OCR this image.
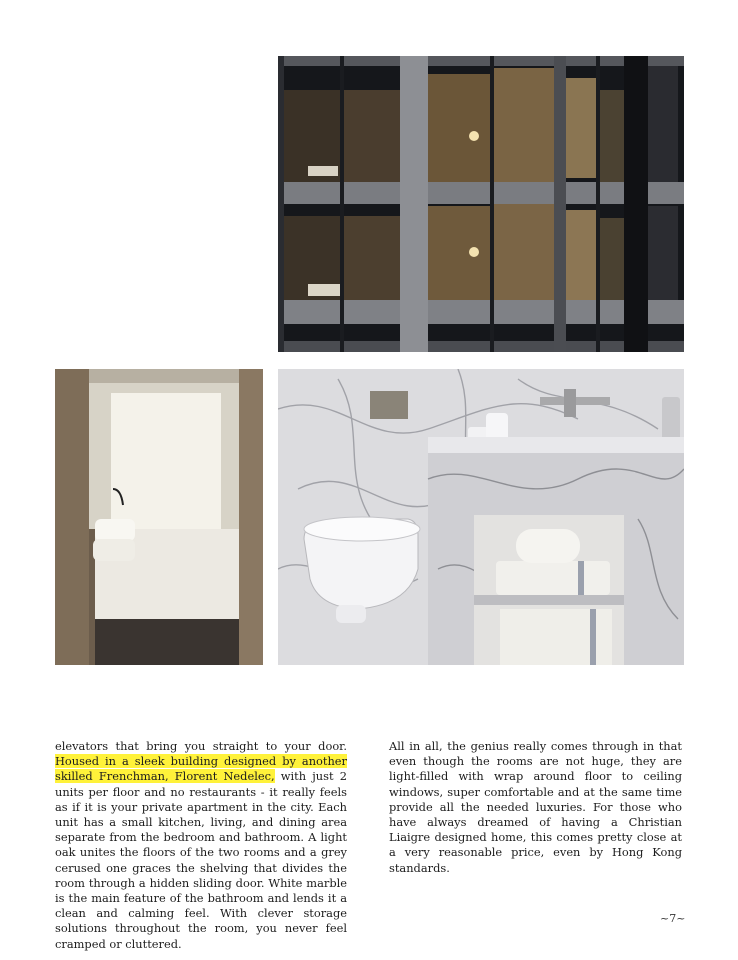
elevators that bring you straight to your door. Housed in a sleek building designed by another skilled Frenchman, Florent Nedelec, with just 2 units per floor and no restaurants - it really feels as if it is your private apartment in the city. Each unit has a small kitchen, living, and dining area separate from the bedroom and bathroom. A light oak unites the floors of the two rooms and a grey cerused one graces the shelving that divides the room through a hidden sliding door. White marble is the main feature of the bathroom and lends it a clean and calming feel. With clever storage solutions throughout the room, you never feel cramped or cluttered.
All in all, the genius really comes through in that even though the rooms are not huge, they are light-filled with wrap around floor to ceiling windows, super comfortable and at the same time provide all the needed luxuries. For those who have always dreamed of having a Christian Liaigre designed home, this comes pretty close at a very reasonable price, even by Hong Kong standards.
~7~
